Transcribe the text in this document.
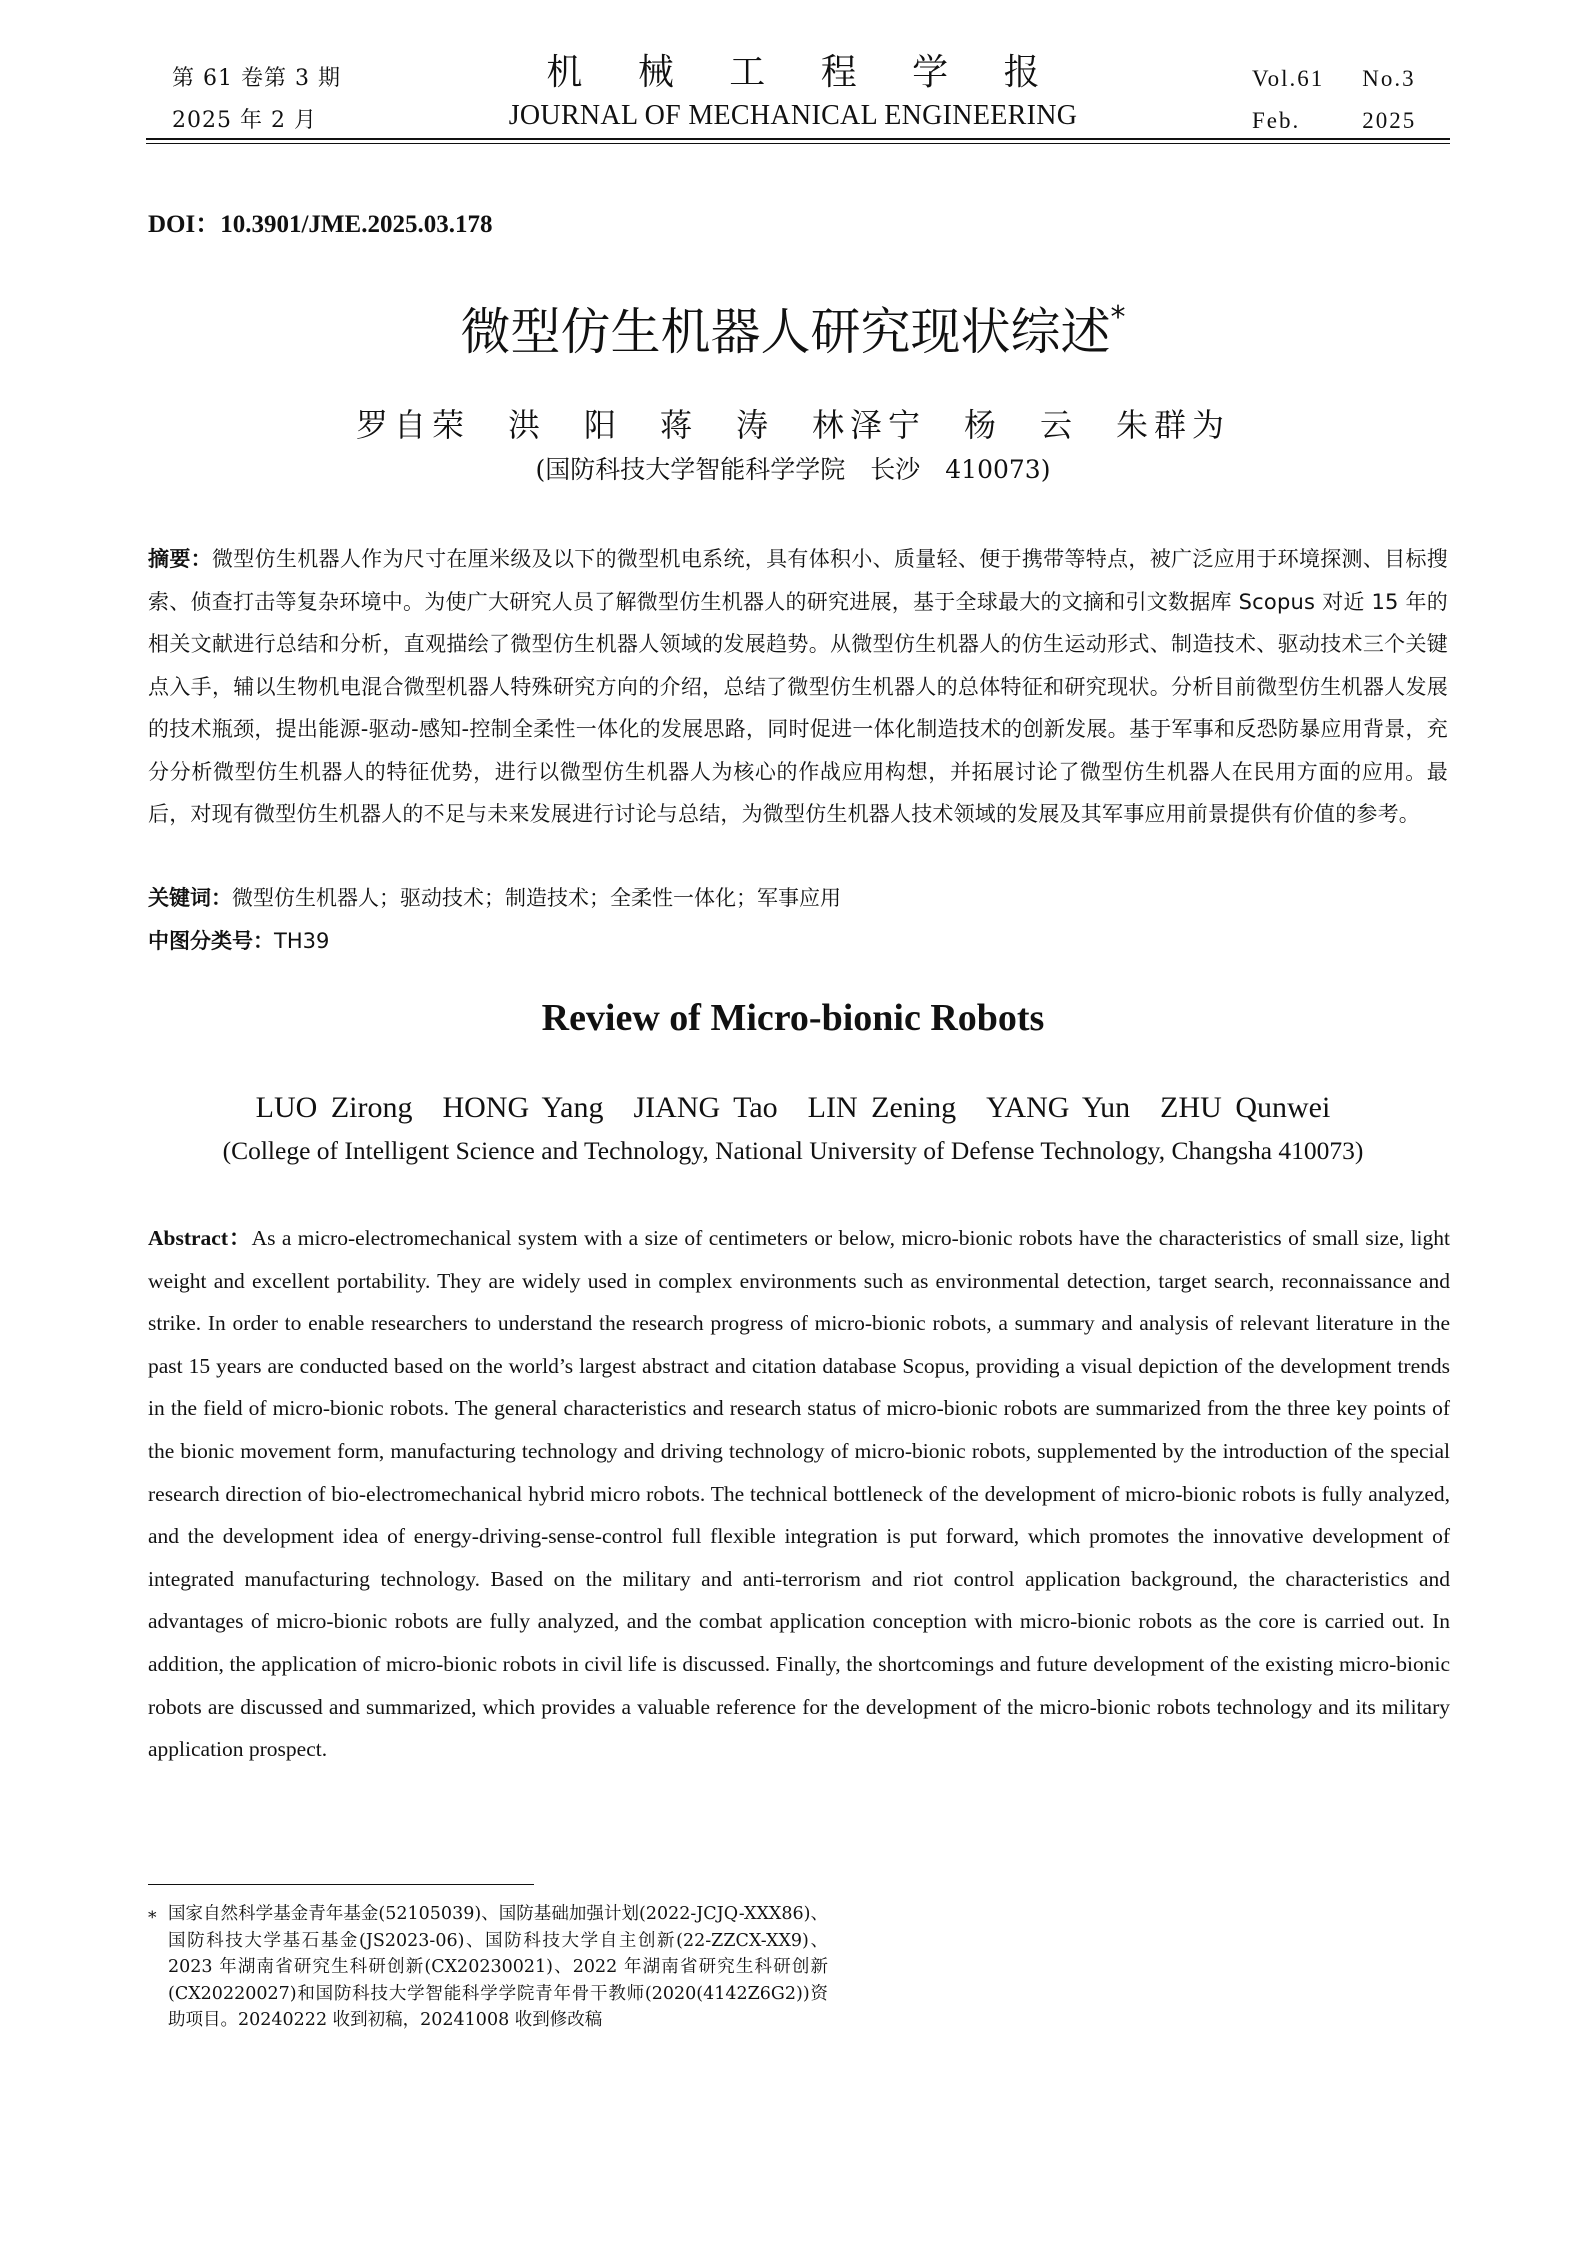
第 61 卷第 3 期
2025 年 2 月
机 械 工 程 学 报
JOURNAL OF MECHANICAL ENGINEERING
Vol.61 No.3
Feb.	2025
DOI：10.3901/JME.2025.03.178
微型仿生机器人研究现状综述*
罗自荣　洪　阳　蒋　涛　林泽宁　杨　云　朱群为
(国防科技大学智能科学学院　长沙　410073)
摘要：微型仿生机器人作为尺寸在厘米级及以下的微型机电系统，具有体积小、质量轻、便于携带等特点，被广泛应用于环境探测、目标搜索、侦查打击等复杂环境中。为使广大研究人员了解微型仿生机器人的研究进展，基于全球最大的文摘和引文数据库 Scopus 对近 15 年的相关文献进行总结和分析，直观描绘了微型仿生机器人领域的发展趋势。从微型仿生机器人的仿生运动形式、制造技术、驱动技术三个关键点入手，辅以生物机电混合微型机器人特殊研究方向的介绍，总结了微型仿生机器人的总体特征和研究现状。分析目前微型仿生机器人发展的技术瓶颈，提出能源-驱动-感知-控制全柔性一体化的发展思路，同时促进一体化制造技术的创新发展。基于军事和反恐防暴应用背景，充分分析微型仿生机器人的特征优势，进行以微型仿生机器人为核心的作战应用构想，并拓展讨论了微型仿生机器人在民用方面的应用。最后，对现有微型仿生机器人的不足与未来发展进行讨论与总结，为微型仿生机器人技术领域的发展及其军事应用前景提供有价值的参考。
关键词：微型仿生机器人；驱动技术；制造技术；全柔性一体化；军事应用
中图分类号：TH39
Review of Micro-bionic Robots
LUO Zirong　HONG Yang　JIANG Tao　LIN Zening　YANG Yun　ZHU Qunwei
(College of Intelligent Science and Technology, National University of Defense Technology, Changsha 410073)
Abstract：As a micro-electromechanical system with a size of centimeters or below, micro-bionic robots have the characteristics of small size, light weight and excellent portability. They are widely used in complex environments such as environmental detection, target search, reconnaissance and strike. In order to enable researchers to understand the research progress of micro-bionic robots, a summary and analysis of relevant literature in the past 15 years are conducted based on the world’s largest abstract and citation database Scopus, providing a visual depiction of the development trends in the field of micro-bionic robots. The general characteristics and research status of micro-bionic robots are summarized from the three key points of the bionic movement form, manufacturing technology and driving technology of micro-bionic robots, supplemented by the introduction of the special research direction of bio-electromechanical hybrid micro robots. The technical bottleneck of the development of micro-bionic robots is fully analyzed, and the development idea of energy-driving-sense-control full flexible integration is put forward, which promotes the innovative development of integrated manufacturing technology. Based on the military and anti-terrorism and riot control application background, the characteristics and advantages of micro-bionic robots are fully analyzed, and the combat application conception with micro-bionic robots as the core is carried out. In addition, the application of micro-bionic robots in civil life is discussed. Finally, the shortcomings and future development of the existing micro-bionic robots are discussed and summarized, which provides a valuable reference for the development of the micro-bionic robots technology and its military application prospect.
* 国家自然科学基金青年基金(52105039)、国防基础加强计划(2022-JCJQ-XXX86)、国防科技大学基石基金(JS2023-06)、国防科技大学自主创新(22-ZZCX-XX9)、2023 年湖南省研究生科研创新(CX20230021)、2022 年湖南省研究生科研创新(CX20220027)和国防科技大学智能科学学院青年骨干教师(2020(4142Z6G2))资助项目。20240222 收到初稿，20241008 收到修改稿
